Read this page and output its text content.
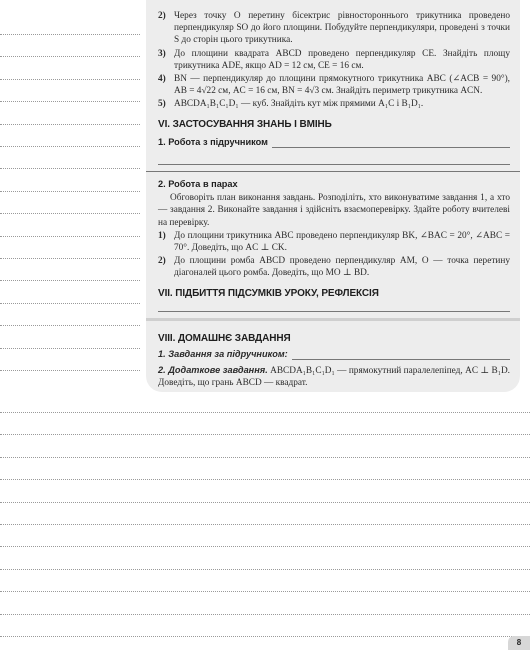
2) Через точку O перетину бісектрис рівностороннього трикутника проведено перпендикуляр SO до його площини. Побудуйте перпендикуляри, проведені з точки S до сторін цього трикутника.
3) До площини квадрата ABCD проведено перпендикуляр CE. Знайдіть площу трикутника ADE, якщо AD = 12 см, CE = 16 см.
4) BN — перпендикуляр до площини прямокутного трикутника ABC (∠ACB = 90°), AB = 4√22 см, AC = 16 см, BN = 4√3 см. Знайдіть периметр трикутника ACN.
5) ABCDA₁B₁C₁D₁ — куб. Знайдіть кут між прямими A₁C і B₁D₁.
VI. ЗАСТОСУВАННЯ ЗНАНЬ І ВМІНЬ
1. Робота з підручником
2. Робота в парах
Обговоріть план виконання завдань. Розподіліть, хто виконуватиме завдання 1, а хто — завдання 2. Виконайте завдання і здійсніть взаємоперевірку. Здайте роботу вчителеві на перевірку.
1) До площини трикутника ABC проведено перпендикуляр BK, ∠BAC = 20°, ∠ABC = 70°. Доведіть, що AC ⊥ CK.
2) До площини ромба ABCD проведено перпендикуляр AM, O — точка перетину діагоналей цього ромба. Доведіть, що MO ⊥ BD.
VII. ПІДБИТТЯ ПІДСУМКІВ УРОКУ, РЕФЛЕКСІЯ
VIII. ДОМАШНЄ ЗАВДАННЯ
1. Завдання за підручником:
2. Додаткове завдання. ABCDA₁B₁C₁D₁ — прямокутний паралелепіпед, AC ⊥ B₁D. Доведіть, що грань ABCD — квадрат.
8
